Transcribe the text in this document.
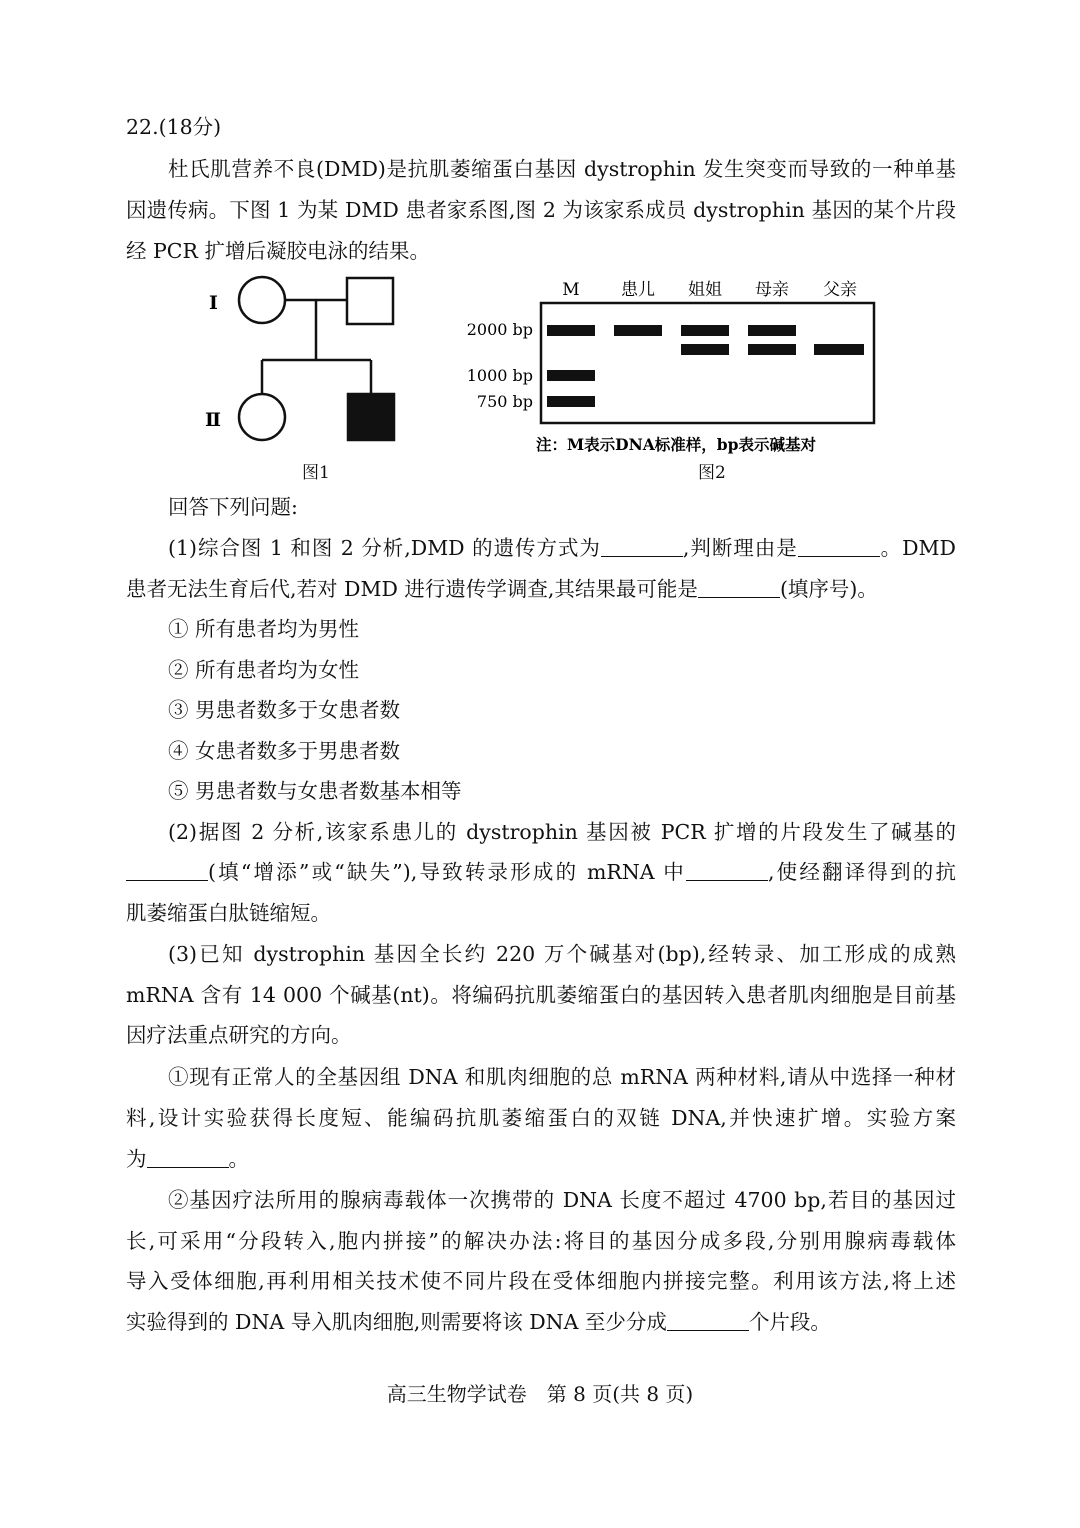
22.(18分)
杜氏肌营养不良(DMD)是抗肌萎缩蛋白基因 dystrophin 发生突变而导致的一种单基
因遗传病。下图 1 为某 DMD 患者家系图,图 2 为该家系成员 dystrophin 基因的某个片段
经 PCR 扩增后凝胶电泳的结果。
I
Ⅱ
图1
M 患儿 姐姐 母亲 父亲
2000 bp
1000 bp
750 bp
注：M表示DNA标准样，bp表示碱基对
图2
回答下列问题:
(1)综合图 1 和图 2 分析,DMD 的遗传方式为	,判断理由是	。DMD
患者无法生育后代,若对 DMD 进行遗传学调查,其结果最可能是	(填序号)。
① 所有患者均为男性
② 所有患者均为女性
③ 男患者数多于女患者数
④ 女患者数多于男患者数
⑤ 男患者数与女患者数基本相等
(2)据图 2 分析,该家系患儿的 dystrophin 基因被 PCR 扩增的片段发生了碱基的
(填“增添”或“缺失”),导致转录形成的 mRNA 中	,使经翻译得到的抗
肌萎缩蛋白肽链缩短。
(3)已知 dystrophin 基因全长约 220 万个碱基对(bp),经转录、加工形成的成熟
mRNA 含有 14 000 个碱基(nt)。将编码抗肌萎缩蛋白的基因转入患者肌肉细胞是目前基
因疗法重点研究的方向。
①现有正常人的全基因组 DNA 和肌肉细胞的总 mRNA 两种材料,请从中选择一种材
料,设计实验获得长度短、能编码抗肌萎缩蛋白的双链 DNA,并快速扩增。实验方案
为	。
②基因疗法所用的腺病毒载体一次携带的 DNA 长度不超过 4700 bp,若目的基因过
长,可采用“分段转入,胞内拼接”的解决办法:将目的基因分成多段,分别用腺病毒载体
导入受体细胞,再利用相关技术使不同片段在受体细胞内拼接完整。利用该方法,将上述
实验得到的 DNA 导入肌肉细胞,则需要将该 DNA 至少分成	个片段。
高三生物学试卷　第 8 页(共 8 页)
